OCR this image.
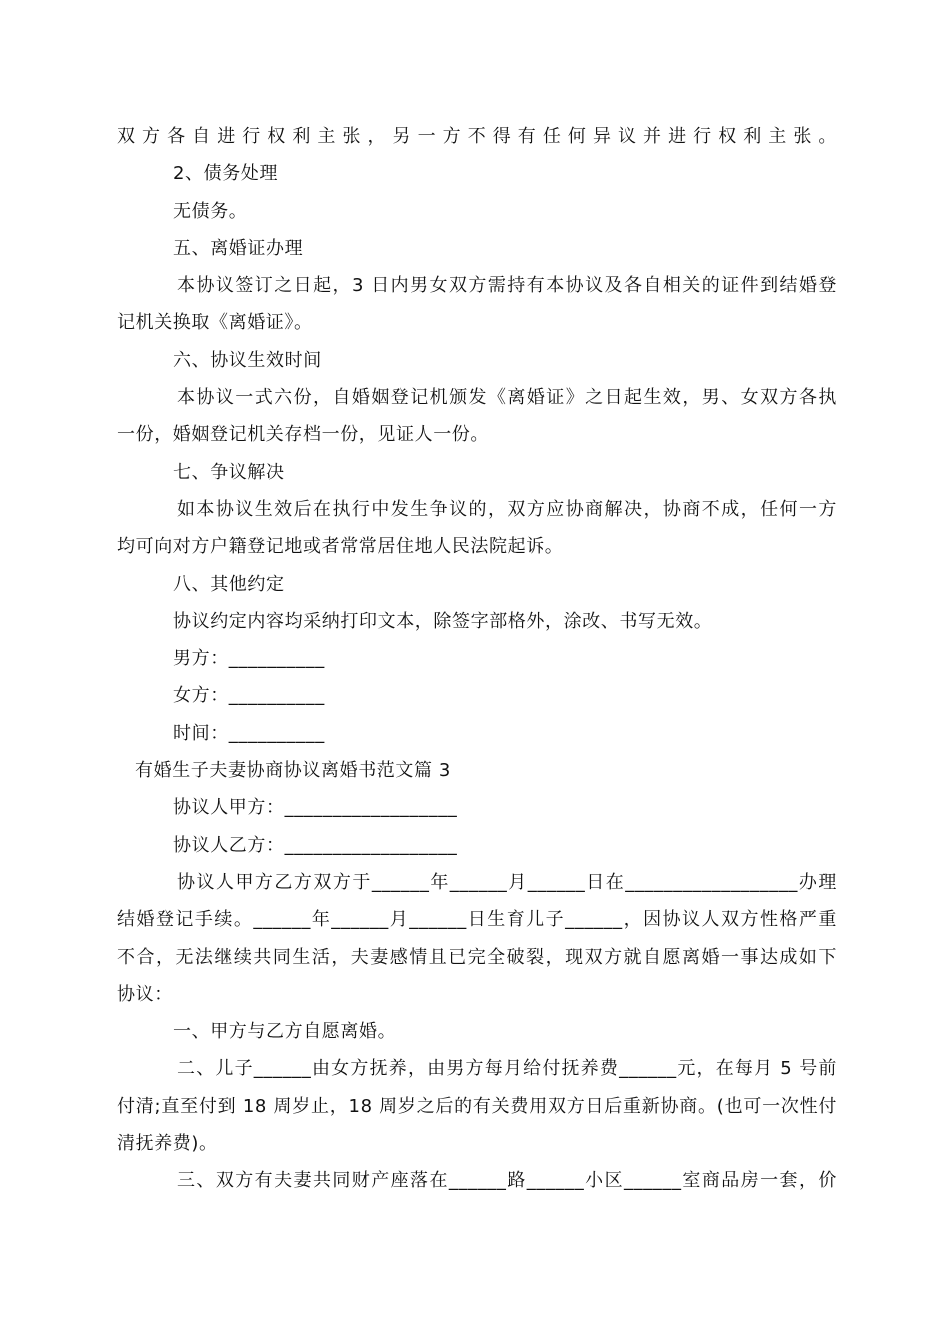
双方各自进行权利主张，另一方不得有任何异议并进行权利主张。
2、债务处理
无债务。
五、离婚证办理
本协议签订之日起，3 日内男女双方需持有本协议及各自相关的证件到结婚登
记机关换取《离婚证》。
六、协议生效时间
本协议一式六份，自婚姻登记机颁发《离婚证》之日起生效，男、女双方各执
一份，婚姻登记机关存档一份，见证人一份。
七、争议解决
如本协议生效后在执行中发生争议的，双方应协商解决，协商不成，任何一方
均可向对方户籍登记地或者常常居住地人民法院起诉。
八、其他约定
协议约定内容均采纳打印文本，除签字部格外，涂改、书写无效。
男方：__________
女方：__________
时间：__________
有婚生子夫妻协商协议离婚书范文篇 3
协议人甲方：__________________
协议人乙方：__________________
协议人甲方乙方双方于______年______月______日在__________________办理
结婚登记手续。______年______月______日生育儿子______，因协议人双方性格严重
不合，无法继续共同生活，夫妻感情且已完全破裂，现双方就自愿离婚一事达成如下
协议：
一、甲方与乙方自愿离婚。
二、儿子______由女方抚养，由男方每月给付抚养费______元，在每月 5 号前
付清;直至付到 18 周岁止，18 周岁之后的有关费用双方日后重新协商。(也可一次性付
清抚养费)。
三、双方有夫妻共同财产座落在______路______小区______室商品房一套，价
